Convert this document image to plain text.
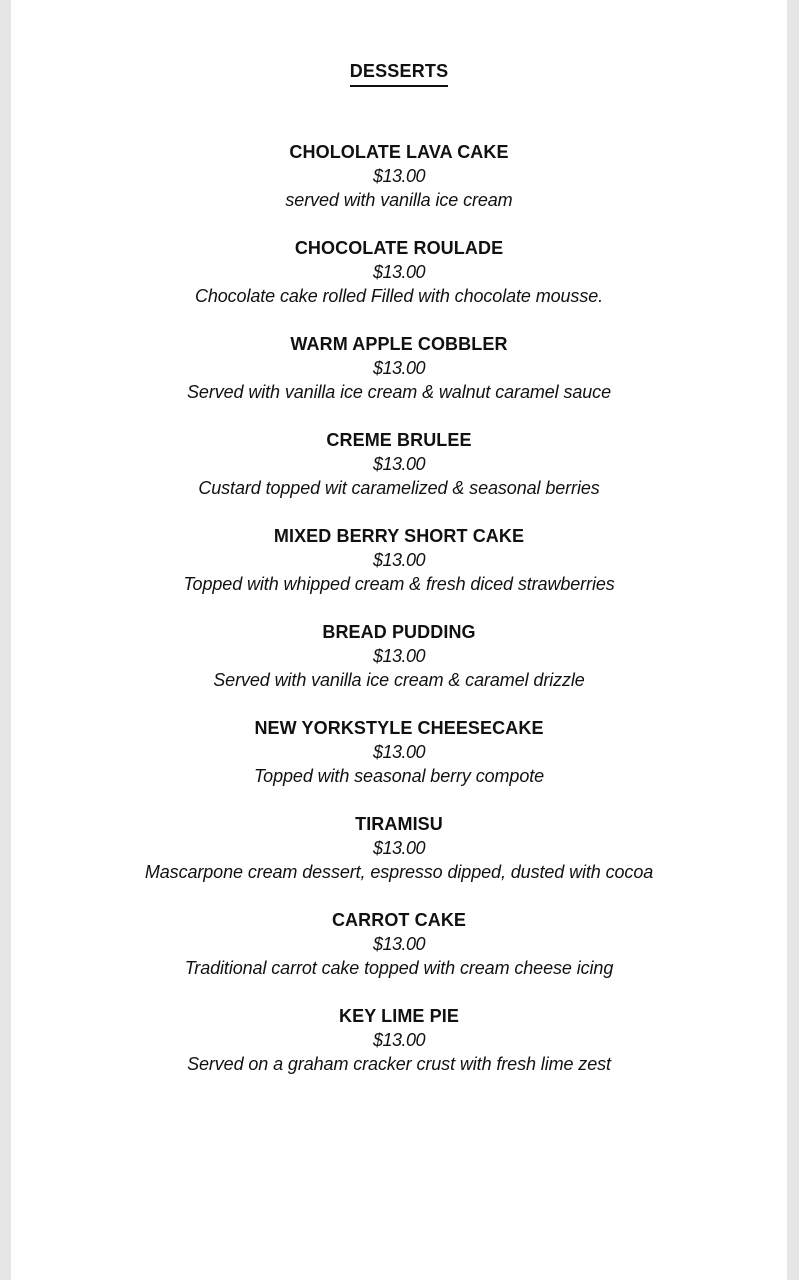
DESSERTS
CHOLOLATE LAVA CAKE
$13.00
served with vanilla ice cream
CHOCOLATE ROULADE
$13.00
Chocolate cake rolled Filled with chocolate mousse.
WARM APPLE COBBLER
$13.00
Served with vanilla ice cream & walnut caramel sauce
CREME BRULEE
$13.00
Custard topped wit caramelized & seasonal berries
MIXED BERRY SHORT CAKE
$13.00
Topped with whipped cream & fresh diced strawberries
BREAD PUDDING
$13.00
Served with vanilla ice cream & caramel drizzle
NEW YORKSTYLE CHEESECAKE
$13.00
Topped with seasonal berry compote
TIRAMISU
$13.00
Mascarpone cream dessert, espresso dipped, dusted with cocoa
CARROT CAKE
$13.00
Traditional carrot cake topped with cream cheese icing
KEY LIME PIE
$13.00
Served on a graham cracker crust with fresh lime zest
